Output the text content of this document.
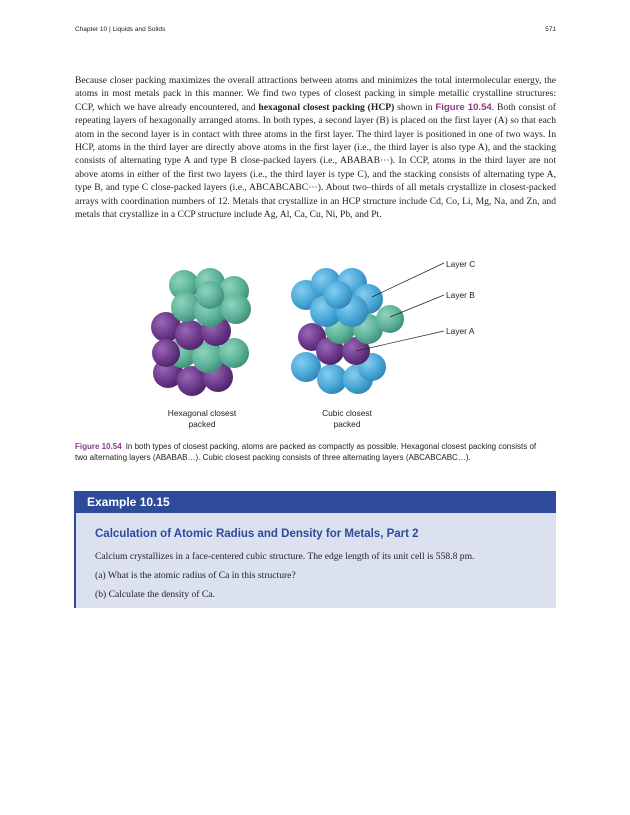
Chapter 10 | Liquids and Solids	571

Because closer packing maximizes the overall attractions between atoms and minimizes the total intermolecular energy, the atoms in most metals pack in this manner. We find two types of closest packing in simple metallic crystalline structures: CCP, which we have already encountered, and hexagonal closest packing (HCP) shown in Figure 10.54. Both consist of repeating layers of hexagonally arranged atoms. In both types, a second layer (B) is placed on the first layer (A) so that each atom in the second layer is in contact with three atoms in the first layer. The third layer is positioned in one of two ways. In HCP, atoms in the third layer are directly above atoms in the first layer (i.e., the third layer is also type A), and the stacking consists of alternating type A and type B close-packed layers (i.e., ABABAB⋯). In CCP, atoms in the third layer are not above atoms in either of the first two layers (i.e., the third layer is type C), and the stacking consists of alternating type A, type B, and type C close-packed layers (i.e., ABCABCABC⋯). About two–thirds of all metals crystallize in closest-packed arrays with coordination numbers of 12. Metals that crystallize in an HCP structure include Cd, Co, Li, Mg, Na, and Zn, and metals that crystallize in a CCP structure include Ag, Al, Ca, Cu, Ni, Pb, and Pt.

Layer C
Layer B
Layer A
Hexagonal closest
packed
Cubic closest
packed
Figure 10.54 In both types of closest packing, atoms are packed as compactly as possible. Hexagonal closest packing consists of two alternating layers (ABABAB…). Cubic closest packing consists of three alternating layers (ABCABCABC…).
Example 10.15
Calculation of Atomic Radius and Density for Metals, Part 2
Calcium crystallizes in a face-centered cubic structure. The edge length of its unit cell is 558.8 pm.
(a) What is the atomic radius of Ca in this structure?
(b) Calculate the density of Ca.
